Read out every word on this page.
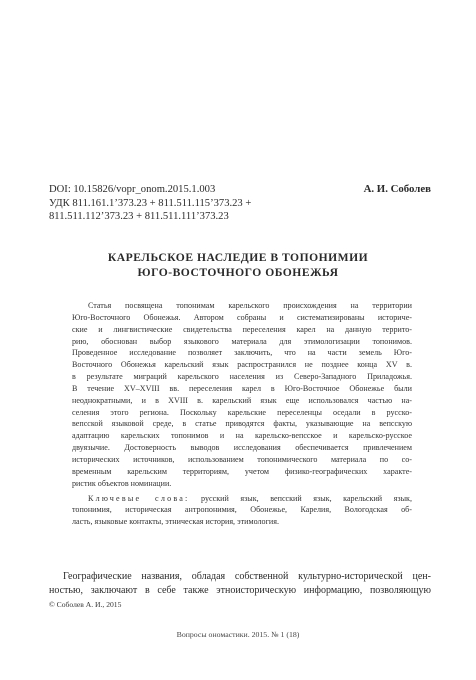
DOI: 10.15826/vopr_onom.2015.1.003	А. И. Соболев
УДК 811.161.1’373.23 + 811.511.115’373.23 +
811.511.112’373.23 + 811.511.111’373.23
КАРЕЛЬСКОЕ НАСЛЕДИЕ В ТОПОНИМИИ
ЮГО-ВОСТОЧНОГО ОБОНЕЖЬЯ
Статья посвящена топонимам карельского происхождения на территории
Юго-Восточного Обонежья. Автором собраны и систематизированы историче-
ские и лингвистические свидетельства переселения карел на данную террито-
рию, обоснован выбор языкового материала для этимологизации топонимов.
Проведенное исследование позволяет заключить, что на части земель Юго-
Восточного Обонежья карельский язык распространился не позднее конца XV в.
в результате миграций карельского населения из Северо-Западного Приладожья.
В течение XV–XVIII вв. переселения карел в Юго-Восточное Обонежье были
неоднократными, и в XVIII в. карельский язык еще использовался частью на-
селения этого региона. Поскольку карельские переселенцы оседали в русско-
вепсской языковой среде, в статье приводятся факты, указывающие на вепсскую
адаптацию карельских топонимов и на карельско-вепсское и карельско-русское
двуязычие. Достоверность выводов исследования обеспечивается привлечением
исторических источников, использованием топонимического материала по со-
временным карельским территориям, учетом физико-географических характе-
ристик объектов номинации.
Ключевые слова: русский язык, вепсский язык, карельский язык,
топонимия, историческая антропонимия, Обонежье, Карелия, Вологодская об-
ласть, языковые контакты, этническая история, этимология.
Географические названия, обладая собственной культурно-исторической цен-
ностью, заключают в себе также этноисторическую информацию, позволяющую
© Соболев А. И., 2015
Вопросы ономастики. 2015. № 1 (18)
